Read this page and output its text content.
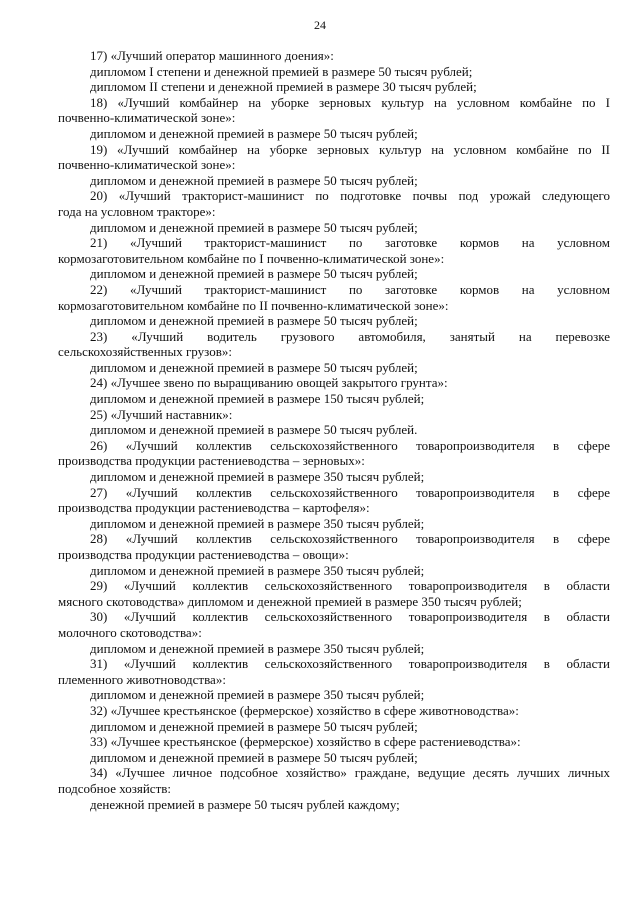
24
17) «Лучший оператор машинного доения»:
дипломом I степени и денежной премией в размере 50 тысяч рублей;
дипломом II степени и денежной премией в размере 30 тысяч рублей;
18) «Лучший комбайнер на уборке зерновых культур на условном комбайне по I
почвенно-климатической зоне»:
дипломом и денежной премией в размере 50 тысяч рублей;
19) «Лучший комбайнер на уборке зерновых культур на условном комбайне по II
почвенно-климатической зоне»:
дипломом и денежной премией в размере 50 тысяч рублей;
20) «Лучший тракторист-машинист по подготовке почвы под урожай следующего
года на условном тракторе»:
дипломом и денежной премией в размере 50 тысяч рублей;
21) «Лучший тракторист-машинист по заготовке кормов на условном
кормозаготовительном комбайне по I почвенно-климатической зоне»:
дипломом и денежной премией в размере 50 тысяч рублей;
22) «Лучший тракторист-машинист по заготовке кормов на условном
кормозаготовительном комбайне по II почвенно-климатической зоне»:
дипломом и денежной премией в размере 50 тысяч рублей;
23) «Лучший водитель грузового автомобиля, занятый на перевозке
сельскохозяйственных грузов»:
дипломом и денежной премией в размере 50 тысяч рублей;
24) «Лучшее звено по выращиванию овощей закрытого грунта»:
дипломом и денежной премией в размере 150 тысяч рублей;
25) «Лучший наставник»:
дипломом и денежной премией в размере 50 тысяч рублей.
26) «Лучший коллектив сельскохозяйственного товаропроизводителя в сфере
производства продукции растениеводства – зерновых»:
дипломом и денежной премией в размере 350 тысяч рублей;
27) «Лучший коллектив сельскохозяйственного товаропроизводителя в сфере
производства продукции растениеводства – картофеля»:
дипломом и денежной премией в размере 350 тысяч рублей;
28) «Лучший коллектив сельскохозяйственного товаропроизводителя в сфере
производства продукции растениеводства – овощи»:
дипломом и денежной премией в размере 350 тысяч рублей;
29) «Лучший коллектив сельскохозяйственного товаропроизводителя в области
мясного скотоводства» дипломом и денежной премией в размере 350 тысяч рублей;
30) «Лучший коллектив сельскохозяйственного товаропроизводителя в области
молочного скотоводства»:
дипломом и денежной премией в размере 350 тысяч рублей;
31) «Лучший коллектив сельскохозяйственного товаропроизводителя в области
племенного животноводства»:
дипломом и денежной премией в размере 350 тысяч рублей;
32) «Лучшее крестьянское (фермерское) хозяйство в сфере животноводства»:
дипломом и денежной премией в размере 50 тысяч рублей;
33) «Лучшее крестьянское (фермерское) хозяйство в сфере растениеводства»:
дипломом и денежной премией в размере 50 тысяч рублей;
34) «Лучшее личное подсобное хозяйство» граждане, ведущие десять лучших личных
подсобное хозяйств:
денежной премией в размере 50 тысяч рублей каждому;
